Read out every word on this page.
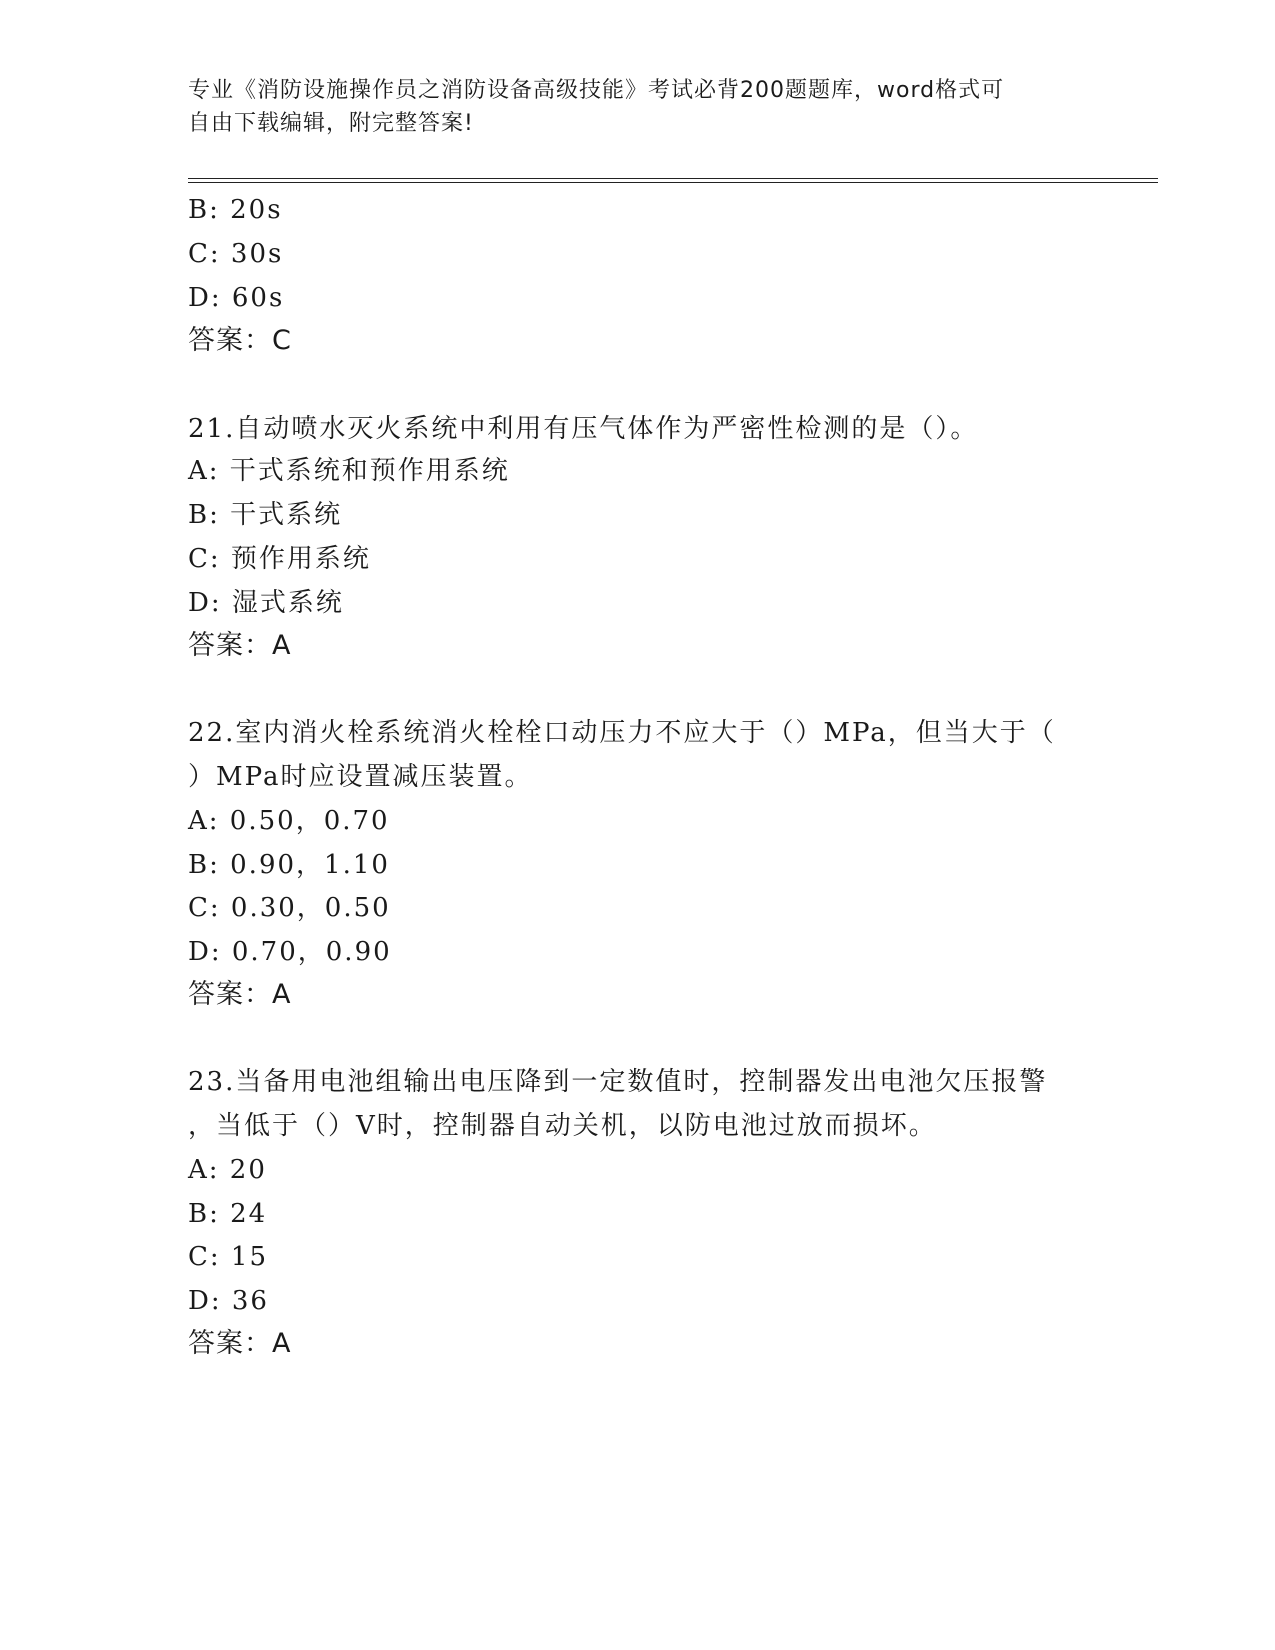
专业《消防设施操作员之消防设备高级技能》考试必背200题题库，word格式可
自由下载编辑，附完整答案!
B: 20s
C: 30s
D: 60s
答案：C
21.自动喷水灭火系统中利用有压气体作为严密性检测的是（）。
A: 干式系统和预作用系统
B: 干式系统
C: 预作用系统
D: 湿式系统
答案：A
22.室内消火栓系统消火栓栓口动压力不应大于（）MPa，但当大于（
）MPa时应设置减压装置。
A: 0.50，0.70
B: 0.90，1.10
C: 0.30，0.50
D: 0.70，0.90
答案：A
23.当备用电池组输出电压降到一定数值时，控制器发出电池欠压报警
，当低于（）V时，控制器自动关机，以防电池过放而损坏。
A: 20
B: 24
C: 15
D: 36
答案：A
